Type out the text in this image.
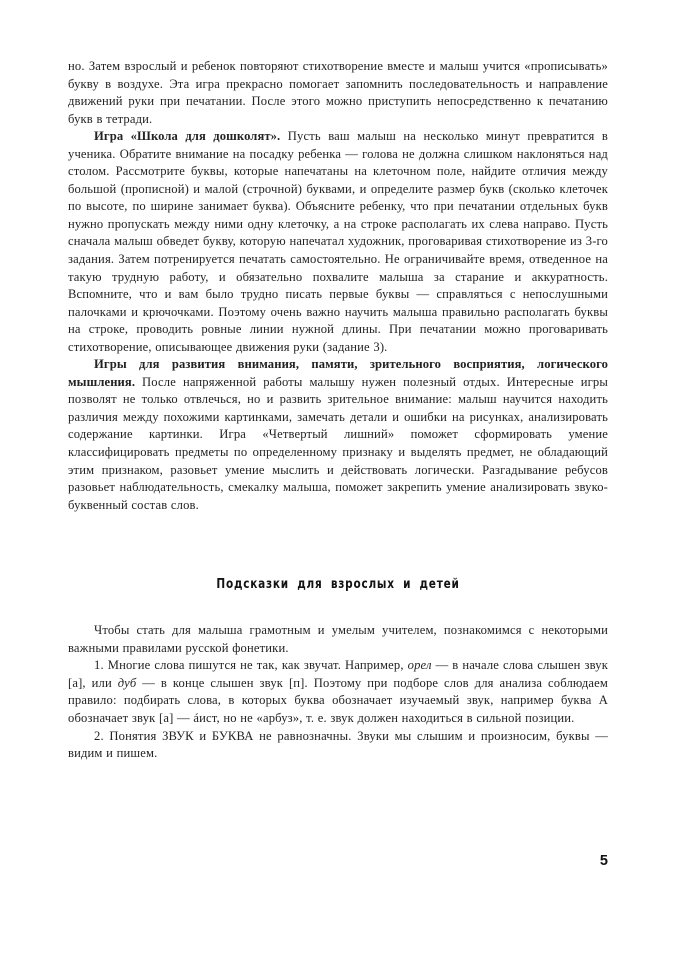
но. Затем взрослый и ребенок повторяют стихотворение вместе и малыш учится «прописывать» букву в воздухе. Эта игра прекрасно помогает запомнить последовательность и направление движений руки при печатании. После этого можно приступить непосредственно к печатанию букв в тетради.

Игра «Школа для дошколят». Пусть ваш малыш на несколько минут превратится в ученика. Обратите внимание на посадку ребенка — голова не должна слишком наклоняться над столом. Рассмотрите буквы, которые напечатаны на клеточном поле, найдите отличия между большой (прописной) и малой (строчной) буквами, и определите размер букв (сколько клеточек по высоте, по ширине занимает буква). Объясните ребенку, что при печатании отдельных букв нужно пропускать между ними одну клеточку, а на строке располагать их слева направо. Пусть сначала малыш обведет букву, которую напечатал художник, проговаривая стихотворение из 3-го задания. Затем потренируется печатать самостоятельно. Не ограничивайте время, отведенное на такую трудную работу, и обязательно похвалите малыша за старание и аккуратность. Вспомните, что и вам было трудно писать первые буквы — справляться с непослушными палочками и крючочками. Поэтому очень важно научить малыша правильно располагать буквы на строке, проводить ровные линии нужной длины. При печатании можно проговаривать стихотворение, описывающее движения руки (задание 3).

Игры для развития внимания, памяти, зрительного восприятия, логического мышления. После напряженной работы малышу нужен полезный отдых. Интересные игры позволят не только отвлечься, но и развить зрительное внимание: малыш научится находить различия между похожими картинками, замечать детали и ошибки на рисунках, анализировать содержание картинки. Игра «Четвертый лишний» поможет сформировать умение классифицировать предметы по определенному признаку и выделять предмет, не обладающий этим признаком, разовьет умение мыслить и действовать логически. Разгадывание ребусов разовьет наблюдательность, смекалку малыша, поможет закрепить умение анализировать звуко-буквенный состав слов.

Подсказки для взрослых и детей

Чтобы стать для малыша грамотным и умелым учителем, познакомимся с некоторыми важными правилами русской фонетики.

1. Многие слова пишутся не так, как звучат. Например, орел — в начале слова слышен звук [а], или дуб — в конце слышен звук [п]. Поэтому при подборе слов для анализа соблюдаем правило: подбирать слова, в которых буква обозначает изучаемый звук, например буква А обозначает звук [а] — áист, но не «арбуз», т. е. звук должен находиться в сильной позиции.

2. Понятия ЗВУК и БУКВА не равнозначны. Звуки мы слышим и произносим, буквы — видим и пишем.

5
